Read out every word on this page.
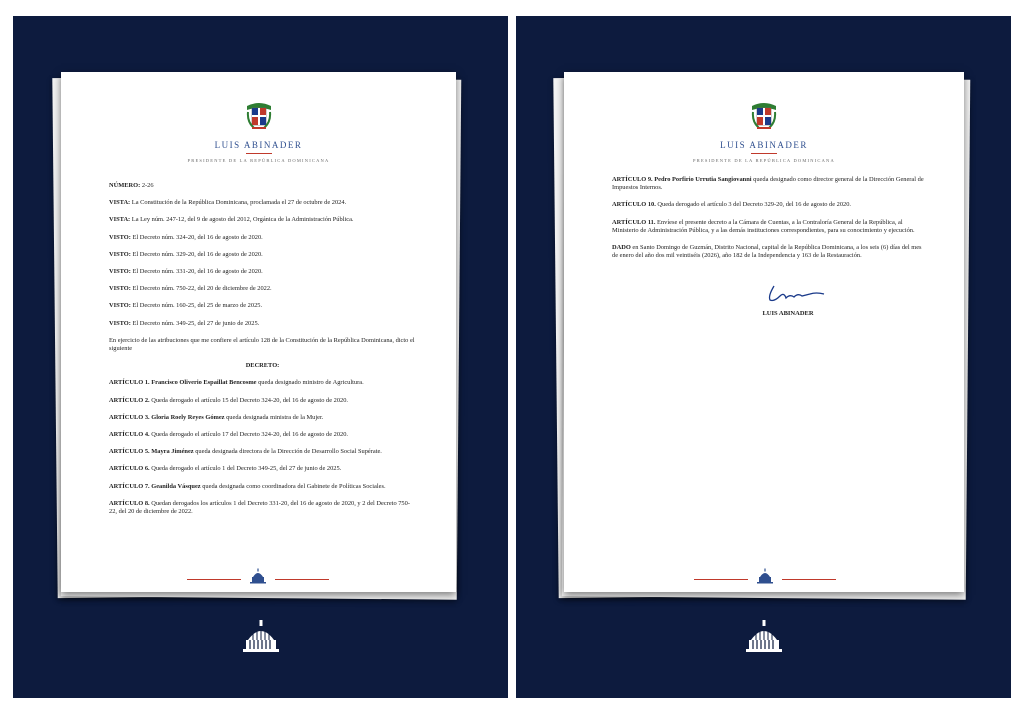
LUIS ABINADER
PRESIDENTE DE LA REPÚBLICA DOMINICANA

NÚMERO: 2-26

VISTA: La Constitución de la República Dominicana, proclamada el 27 de octubre de 2024.

VISTA: La Ley núm. 247-12, del 9 de agosto del 2012, Orgánica de la Administración Pública.

VISTO: El Decreto núm. 324-20, del 16 de agosto de 2020.

VISTO: El Decreto núm. 329-20, del 16 de agosto de 2020.

VISTO: El Decreto núm. 331-20, del 16 de agosto de 2020.

VISTO: El Decreto núm. 750-22, del 20 de diciembre de 2022.

VISTO: El Decreto núm. 160-25, del 25 de marzo de 2025.

VISTO: El Decreto núm. 349-25, del 27 de junio de 2025.

En ejercicio de las atribuciones que me confiere el artículo 128 de la Constitución de la República Dominicana, dicto el siguiente

DECRETO:

ARTÍCULO 1. Francisco Oliverio Espaillat Bencosme queda designado ministro de Agricultura.

ARTÍCULO 2. Queda derogado el artículo 15 del Decreto 324-20, del 16 de agosto de 2020.

ARTÍCULO 3. Gloria Roely Reyes Gómez queda designada ministra de la Mujer.

ARTÍCULO 4. Queda derogado el artículo 17 del Decreto 324-20, del 16 de agosto de 2020.

ARTÍCULO 5. Mayra Jiménez queda designada directora de la Dirección de Desarrollo Social Supérate.

ARTÍCULO 6. Queda derogado el artículo 1 del Decreto 349-25, del 27 de junio de 2025.

ARTÍCULO 7. Geanilda Vásquez queda designada como coordinadora del Gabinete de Políticas Sociales.

ARTÍCULO 8. Quedan derogados los artículos 1 del Decreto 331-20, del 16 de agosto de 2020, y 2 del Decreto 750-22, del 20 de diciembre de 2022.

LUIS ABINADER
PRESIDENTE DE LA REPÚBLICA DOMINICANA

ARTÍCULO 9. Pedro Porfirio Urrutia Sangiovanni queda designado como director general de la Dirección General de Impuestos Internos.

ARTÍCULO 10. Queda derogado el artículo 3 del Decreto 329-20, del 16 de agosto de 2020.

ARTÍCULO 11. Envíese el presente decreto a la Cámara de Cuentas, a la Contraloría General de la República, al Ministerio de Administración Pública, y a las demás instituciones correspondientes, para su conocimiento y ejecución.

DADO en Santo Domingo de Guzmán, Distrito Nacional, capital de la República Dominicana, a los seis (6) días del mes de enero del año dos mil veintiséis (2026), año 182 de la Independencia y 163 de la Restauración.

LUIS ABINADER
